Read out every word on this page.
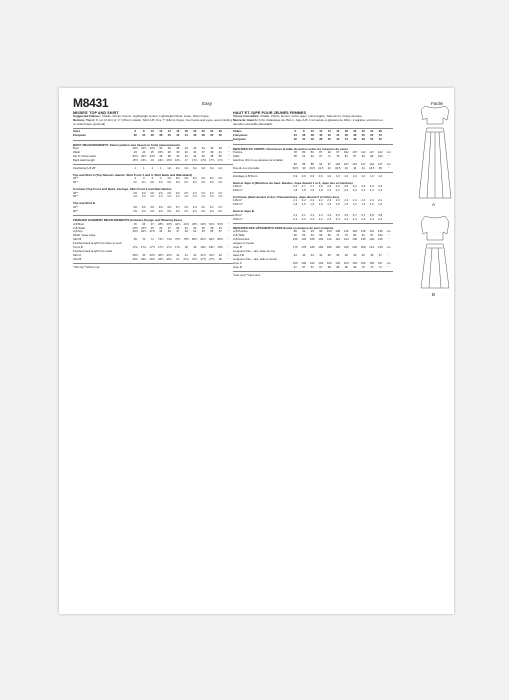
M8431	Easy	Facile

MISSES' TOP AND SKIRT

Suggested Fabrics: Challis, Chintz, Denim, Lightweight Cotton, Lightweight Wool, Linen, Wool Crepe.

Notions: Top A: ⅜ yd. (0.3m) of ⅞" (15mm) elastic. Skirt A,B: One 7" (18cm) zipper, two hooks and eyes, seam binding or stretch lace (optional).

Sizes	6	8	10	12	14	16	18	20	22	24	26	
European	32	34	36	38	40	42	44	46	48	50	52	
BODY MEASUREMENTS: Select pattern size based on body measurements
Bust	30½	31½	32½	34	36	38	40	42	44	46	48	"
Waist	23	24	25	26½	28	30	32	34	37	39	41	"
Hip 9" below waist	32½	33½	34½	36	38	40	42	44	46	48	50	"
Back waist length	15½	15¾	16	16¼	16½	16¾	17	17¼	17⅜	17½	17¾	"
Interfacing A,B 20"	1	1	1	1	1⅛	1⅛	1⅛	1⅛	1⅛	1⅛	1⅛	
Top and Skirt A (Top Sleeves, Bands, Skirt Front 1 and 3, Skirt Back and Waistband)
45"*	3	3	3	3	3⅛	3⅛	3⅛	3⅛	3⅛	3⅛	3⅛	
60"*	2¼	2¼	2⅜	2⅜	2⅜	2⅜	2½	2½	2⅝	2⅝	2⅝	
Contrast (Top Front and Back, Facings, Skirt Front 2 and Side Backs)
45"*	2⅜	2⅜	2⅜	2⅜	2⅜	2⅜	2½	2⅝	2⅝	2⅝	2⅝	
60"*	1⅝	1⅝	1⅝	1⅝	1⅝	1⅝	1⅝	1⅝	1⅝	1⅝	1⅝	
Top and Skirt B
45"*	3⅜	3⅜	3⅜	3⅜	3⅜	3½	3⅝	3⅝	3¾	3¾	3⅞	
60"*	2⅜	2⅜	2⅜	2⅜	2⅜	2⅜	2½	2⅝	2⅝	2⅝	2⅝	
FINISHED GARMENT MEASUREMENTS (Includes Design and Wearing Ease)
A,B Bust	35	36	37	38½	40½	42½	44½	46½	49½	51½	53½	"
A,B Waist	23½	24½	25	26	27	29	31	33	36	38	40	"
A,B Hip	39½	40½	41½	43	45	47	49	51	53	55	57	"
Width, lower edge												
Skirt B	69	70	71	72½	74½	76½	78½	80½	82½	84½	86½	"
Finished back length from base of neck												
Top A,B	17¼	17¼	17½	17½	17¾	17¾	18	18	18¼	18¼	18½	"
Finished back length from waist												
Skirt A	39½	40	40½	40½	40½	41	41	41	41½	41½	42	"
Skirt B	26¼	26¼	26½	26½	26¾	27	27¼	27¼	27½	27½	28	"
*with nap **without nap

HAUT ET JUPE POUR JEUNES FEMMES

Tissus Conseillés: Challis, Chintz, Denim, Coton léger, Laine légère, Toile de lin, Crêpe de laine.

Mercerie: Haut A: 0,3m d'élastique de 15mm. Jupe A,B: 1 fermeture à glissière de 18cm, 2 agrafes, extra fort ou dentelle extensible (facultatif).

Tailles	6	8	10	12	14	16	18	20	22	24	26	
Françaises	34	36	38	40	42	44	46	48	50	52	54	
Européen	32	34	36	38	40	42	44	46	48	50	52	
MESURES DU CORPS: Choisissez la taille du patron selon les mesures du corps
Poitrine	78	80	83	87	92	97	102	107	112	117	122	cm
Taille	58	61	64	67	71	76	81	87	94	99	104	"
Hanches (23 cm au-dessous de la taille)												
	83	85	88	92	97	102	107	112	117	122	127	cm
Dos-du cou à la taille	39,5	40	40,5	41,5	42	42,5	43	44	44	44,5	45	"
Entoilage A,B 51cm	0,9	0,9	0,9	0,9	1,0	1,0	1,0	1,0	1,0	1,0	1,0	
Haut et Jupe A (Manches du haut, Bandes, Jupe devant 1 et 3, Jupe dos et Ceinture)
115cm*	2,6	2,7	2,7	2,8	2,8	2,9	3,0	3,2	3,3	3,3	3,3	
150cm*	1,8	1,8	1,9	1,9	2,1	2,1	2,2	2,3	2,4	2,4	2,4	
Contraste (Haut devant et dos, Parementures, Jupe devant 2 et Côtés dos)
115cm*	2,1	2,2	2,2	2,2	2,3	2,3	2,4	2,4	2,4	2,4	2,4	
150cm*	1,5	1,5	1,5	1,5	1,5	1,5	1,5	1,5	1,5	1,5	1,5	
Haut et Jupe B
115cm*	3,1	3,1	3,1	3,3	3,4	3,5	3,5	3,7	3,7	3,8	3,8	
150cm*	2,1	2,2	2,2	2,2	2,3	2,3	2,4	2,4	2,4	2,4	2,4	
MESURES DES VÊTEMENTS FINIS (Inclut en aisance du port compris)
A,B Poitrine	89	92	94	98	103	108	113	118	126	131	136	cm
A,B Taille	60	62	64	66	69	74	79	84	91	97	102	"
A,B Hanches	100	103	105	109	114	119	124	130	135	140	145	"
Largeur à l'ourlet												
Jupe B	175	178	180	184	189	194	199	204	209	214	219	cm
Longueur finie – dos, base du cou												
Haut A,B	44	44	44	44	45	45	46	46	46	46	47	"
Longueur finie – dos, taille à l'ourlet												
Jupe A	100	102	102	103	103	104	104	104	105	105	107	cm
Jupe B	67	67	67	67	68	68	69	69	70	70	71	"
*avec sens **sans sens
A
B
